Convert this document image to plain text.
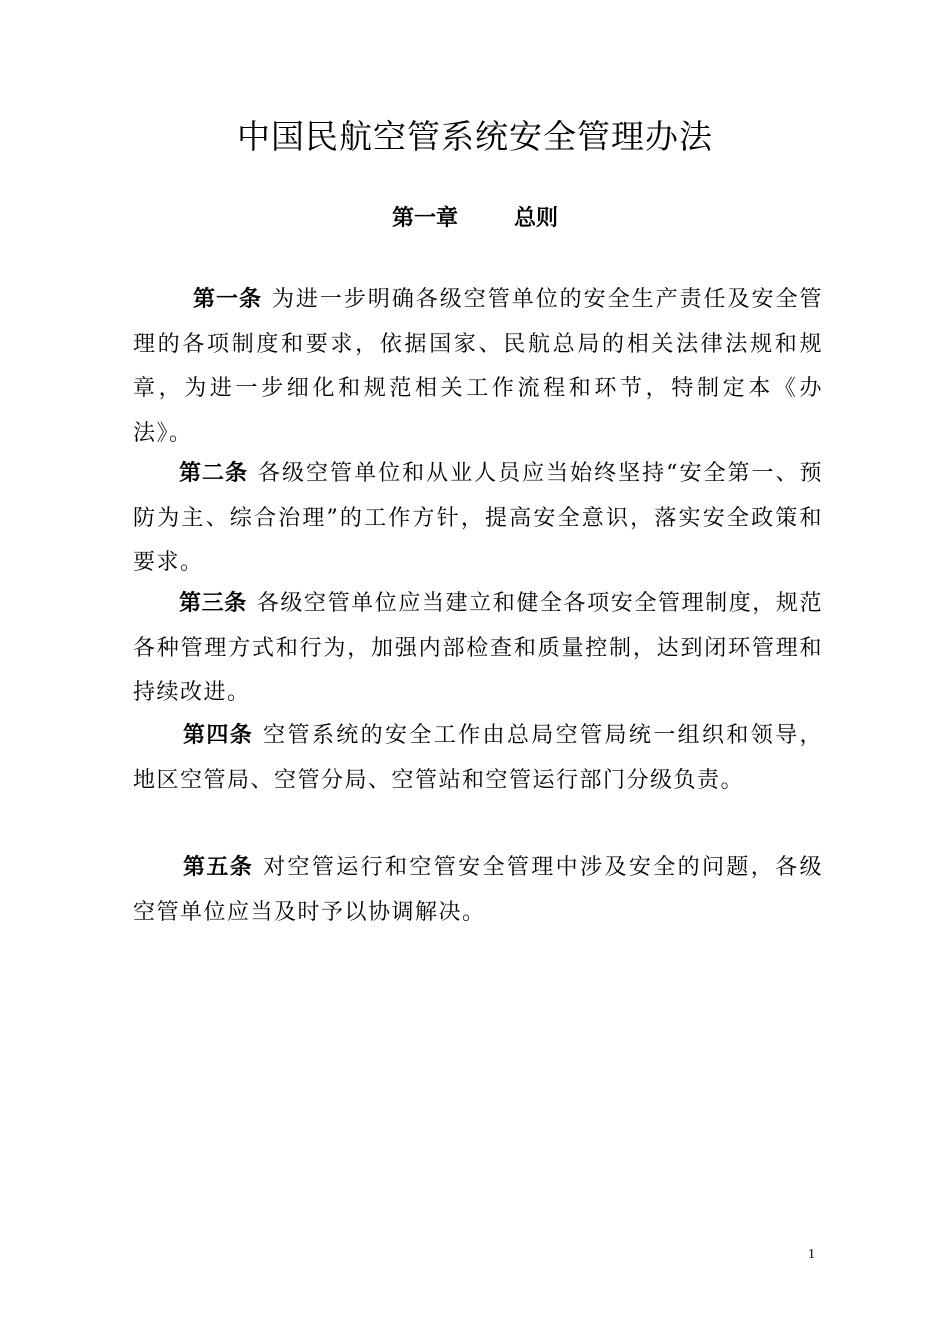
中国民航空管系统安全管理办法
第一章	总则

第一条 为进一步明确各级空管单位的安全生产责任及安全管理的各项制度和要求，依据国家、民航总局的相关法律法规和规章，为进一步细化和规范相关工作流程和环节，特制定本《办法》。

第二条 各级空管单位和从业人员应当始终坚持“安全第一、预防为主、综合治理”的工作方针，提高安全意识，落实安全政策和要求。

第三条 各级空管单位应当建立和健全各项安全管理制度，规范各种管理方式和行为，加强内部检查和质量控制，达到闭环管理和持续改进。

第四条 空管系统的安全工作由总局空管局统一组织和领导，地区空管局、空管分局、空管站和空管运行部门分级负责。

第五条 对空管运行和空管安全管理中涉及安全的问题，各级空管单位应当及时予以协调解决。

1
